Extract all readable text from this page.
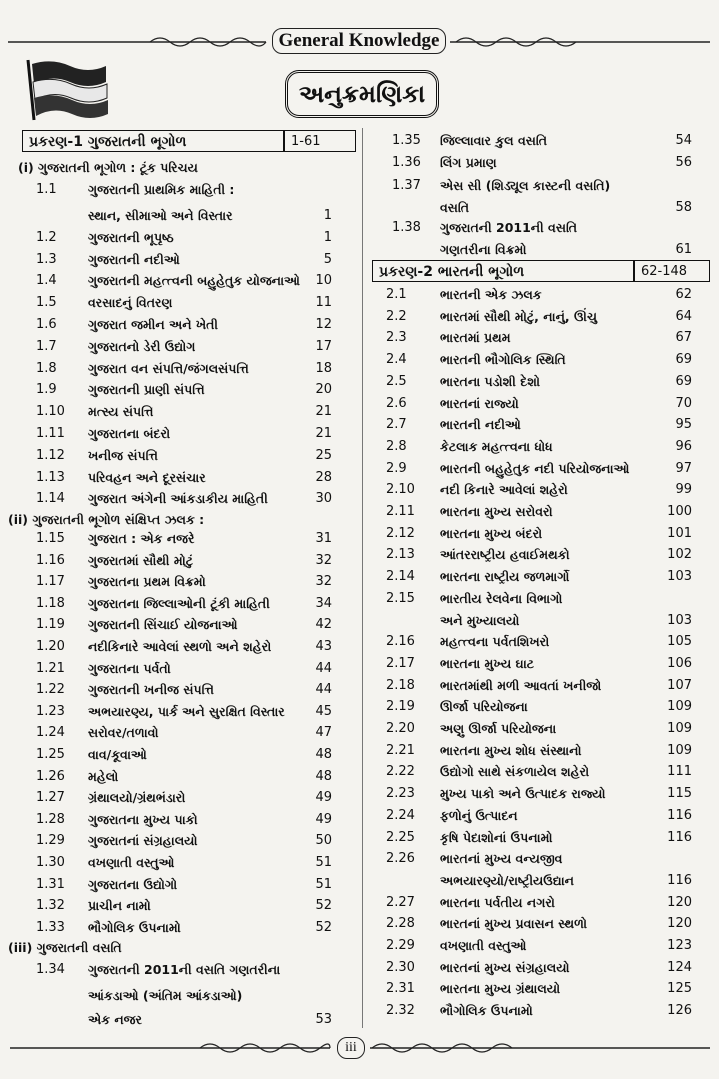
General Knowledge
અનુક્રમણિકા
પ્રકરણ-1 ગુજરાતની ભૂગોળ	1-61
(i) ગુજરાતની ભૂગોળ : ટૂંક પરિચય
(ii) ગુજરાતની ભૂગોળ સંક્ષિપ્ત ઝલક :
(iii) ગુજરાતની વસતિ
1.1	ગુજરાતની પ્રાથમિક માહિતી :
સ્થાન, સીમાઓ અને વિસ્તાર	1
1.2	ગુજરાતની ભૂપૃષ્ઠ	1
1.3	ગુજરાતની નદીઓ	5
1.4	ગુજરાતની મહત્ત્વની બહુહેતુક યોજનાઓ	10
1.5	વરસાદનું વિતરણ	11
1.6	ગુજરાત જમીન અને ખેતી	12
1.7	ગુજરાતનો ડેરી ઉદ્યોગ	17
1.8	ગુજરાત વન સંપત્તિ/જંગલસંપત્તિ	18
1.9	ગુજરાતની પ્રાણી સંપત્તિ	20
1.10	મત્સ્ય સંપત્તિ	21
1.11	ગુજરાતના બંદરો	21
1.12	ખનીજ સંપત્તિ	25
1.13	પરિવહન અને દૂરસંચાર	28
1.14	ગુજરાત અંગેની આંકડાકીય માહિતી	30
1.15	ગુજરાત : એક નજરે	31
1.16	ગુજરાતમાં સૌથી મોટું	32
1.17	ગુજરાતના પ્રથમ વિક્રમો	32
1.18	ગુજરાતના જિલ્લાઓની ટૂંકી માહિતી	34
1.19	ગુજરાતની સિંચાઈ યોજનાઓ	42
1.20	નદીકિનારે આવેલાં સ્થળો અને શહેરો	43
1.21	ગુજરાતના પર્વતો	44
1.22	ગુજરાતની ખનીજ સંપત્તિ	44
1.23	અભયારણ્ય, પાર્ક અને સુરક્ષિત વિસ્તાર	45
1.24	સરોવર/તળાવો	47
1.25	વાવ/કૂવાઓ	48
1.26	મહેલો	48
1.27	ગ્રંથાલયો/ગ્રંથભંડારો	49
1.28	ગુજરાતના મુખ્ય પાકો	49
1.29	ગુજરાતનાં સંગ્રહાલયો	50
1.30	વખણાતી વસ્તુઓ	51
1.31	ગુજરાતના ઉદ્યોગો	51
1.32	પ્રાચીન નામો	52
1.33	ભૌગોલિક ઉપનામો	52
1.34	ગુજરાતની 2011ની વસતિ ગણતરીના
આંકડાઓ (અંતિમ આંકડાઓ)
એક નજર	53
1.35	જિલ્લાવાર કુલ વસતિ	54
1.36	લિંગ પ્રમાણ	56
1.37	એસ સી (શિડ્યૂલ કાસ્ટની વસતિ)
વસતિ	58
1.38	ગુજરાતની 2011ની વસતિ
ગણતરીના વિક્રમો	61
પ્રકરણ-2 ભારતની ભૂગોળ	62-148
2.1	ભારતની એક ઝલક	62
2.2	ભારતમાં સૌથી મોટું, નાનું, ઊંચુ	64
2.3	ભારતમાં પ્રથમ	67
2.4	ભારતની ભૌગોલિક સ્થિતિ	69
2.5	ભારતના પડોશી દેશો	69
2.6	ભારતનાં રાજ્યો	70
2.7	ભારતની નદીઓ	95
2.8	કેટલાક મહત્ત્વના ધોધ	96
2.9	ભારતની બહુહેતુક નદી પરિયોજનાઓ	97
2.10	નદી કિનારે આવેલાં શહેરો	99
2.11	ભારતના મુખ્ય સરોવરો	100
2.12	ભારતના મુખ્ય બંદરો	101
2.13	આંતરરાષ્ટ્રીય હવાઈમથકો	102
2.14	ભારતના રાષ્ટ્રીય જળમાર્ગો	103
2.15	ભારતીય રેલવેના વિભાગો
અને મુખ્યાલયો	103
2.16	મહત્ત્વના પર્વતશિખરો	105
2.17	ભારતના મુખ્ય ઘાટ	106
2.18	ભારતમાંથી મળી આવતાં ખનીજો	107
2.19	ઊર્જા પરિયોજના	109
2.20	અણુ ઊર્જા પરિયોજના	109
2.21	ભારતના મુખ્ય શોધ સંસ્થાનો	109
2.22	ઉદ્યોગો સાથે સંકળાયેલ શહેરો	111
2.23	મુખ્ય પાકો અને ઉત્પાદક રાજ્યો	115
2.24	ફળોનું ઉત્પાદન	116
2.25	કૃષિ પેદાશોનાં ઉપનામો	116
2.26	ભારતનાં મુખ્ય વન્યજીવ
અભયારણ્યો/રાષ્ટ્રીયઉદ્યાન	116
2.27	ભારતના પર્વતીય નગરો	120
2.28	ભારતનાં મુખ્ય પ્રવાસન સ્થળો	120
2.29	વખણાતી વસ્તુઓ	123
2.30	ભારતનાં મુખ્ય સંગ્રહાલયો	124
2.31	ભારતના મુખ્ય ગ્રંથાલયો	125
2.32	ભૌગોલિક ઉપનામો	126
iii
